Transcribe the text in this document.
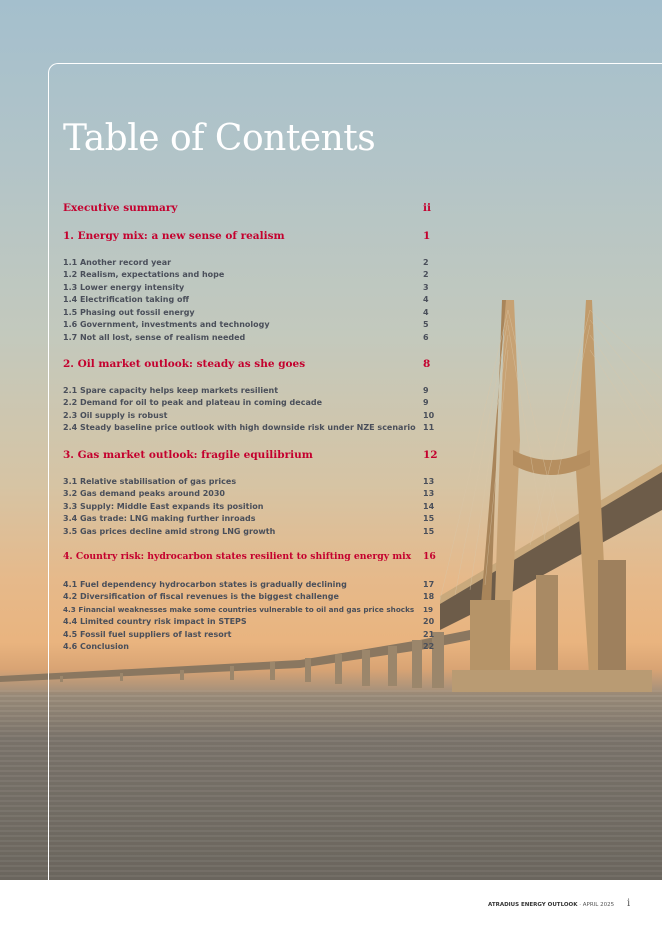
Table of Contents
Executive summary	ii
1. Energy mix: a new sense of realism	1
1.1 Another record year	2
1.2 Realism, expectations and hope	2
1.3 Lower energy intensity	3
1.4 Electrification taking off	4
1.5 Phasing out fossil energy	4
1.6 Government, investments and technology	5
1.7 Not all lost, sense of realism needed	6
2. Oil market outlook: steady as she goes	8
2.1 Spare capacity helps keep markets resilient	9
2.2 Demand for oil to peak and plateau in coming decade	9
2.3 Oil supply is robust	10
2.4 Steady baseline price outlook with high downside risk under NZE scenario 11
3. Gas market outlook: fragile equilibrium	12
3.1 Relative stabilisation of gas prices	13
3.2 Gas demand peaks around 2030	13
3.3 Supply: Middle East expands its position	14
3.4 Gas trade: LNG making further inroads	15
3.5 Gas prices decline amid strong LNG growth	15
4. Country risk: hydrocarbon states resilient to shifting energy mix 16
4.1 Fuel dependency hydrocarbon states is gradually declining	17
4.2 Diversification of fiscal revenues is the biggest challenge	18
4.3 Financial weaknesses make some countries vulnerable to oil and gas price shocks 19
4.4 Limited country risk impact in STEPS	20
4.5 Fossil fuel suppliers of last resort	21
4.6 Conclusion	22
ATRADIUS ENERGY OUTLOOK · APRIL 2025 i
